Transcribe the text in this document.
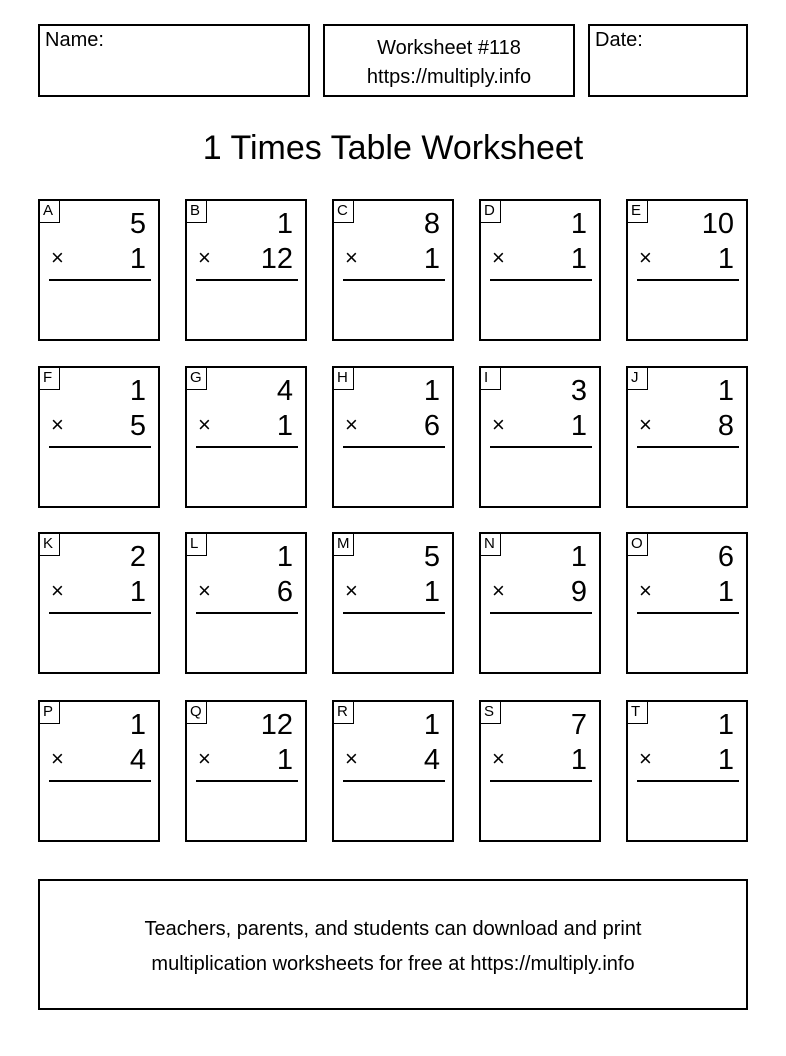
Name:	Worksheet #118
https://multiply.info
Date:
1 Times Table Worksheet
A	5
× 1
B	1
× 12
C	8
× 1
D	1
× 1
E 10
× 1
F	1
× 5
G	4
× 1
H	1
× 6
I	3
× 1
J	1
× 8
K	2
× 1
L	1
× 6
M	5
× 1
N	1
× 9
O	6
× 1
P	1
× 4
Q 12
× 1
R	1
× 4
S	7
× 1
T	1
× 1
Teachers, parents, and students can download and print
multiplication worksheets for free at https://multiply.info
